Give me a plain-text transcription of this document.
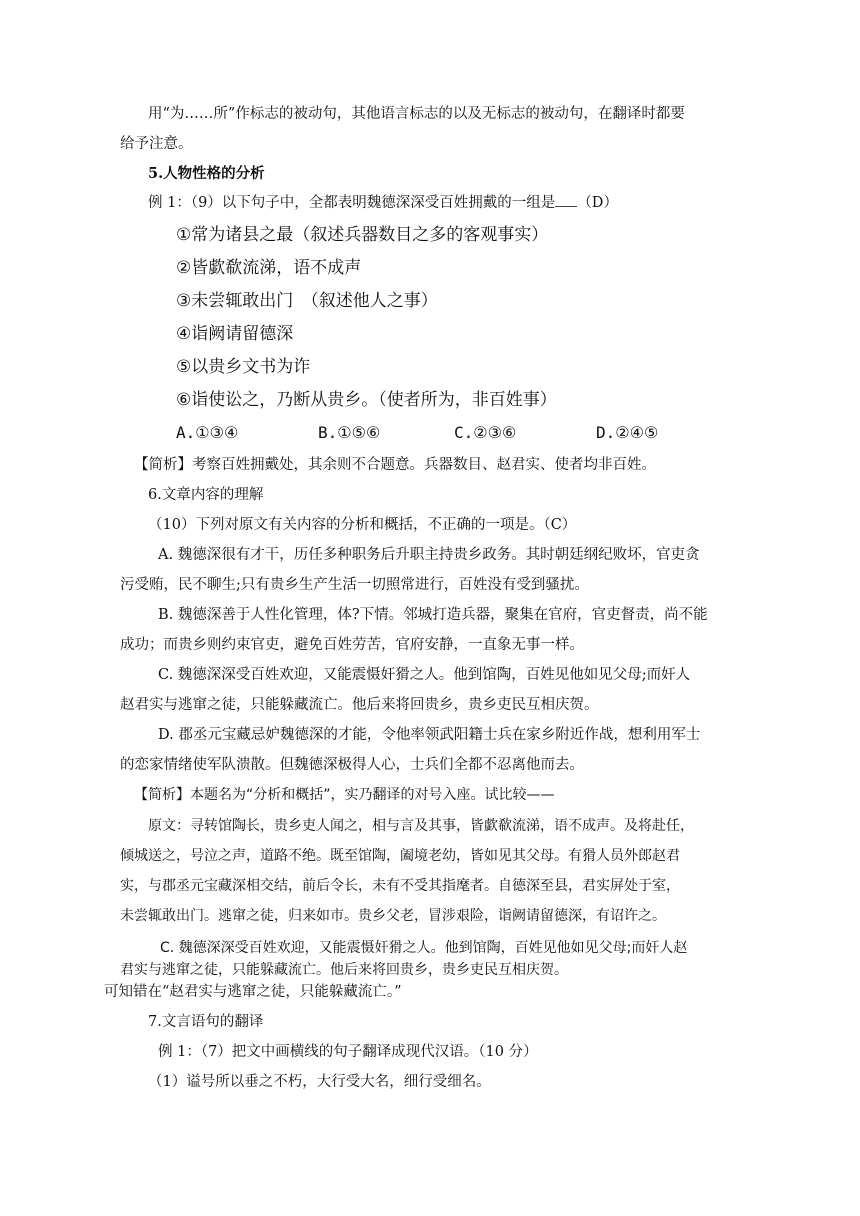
用“为……所”作标志的被动句，其他语言标志的以及无标志的被动句，在翻译时都要

给予注意。

5.人物性格的分析

例 1：（9）以下句子中，全都表明魏德深深受百姓拥戴的一组是 （D）

①常为诸县之最（叙述兵器数目之多的客观事实）

②皆歔欷流涕，语不成声

③未尝辄敢出门　（叙述他人之事）

④诣阙请留德深

⑤以贵乡文书为诈

⑥诣使讼之，乃断从贵乡。（使者所为，非百姓事）

A.①③④	B.①⑤⑥	C.②③⑥	D.②④⑤

【简析】考察百姓拥戴处，其余则不合题意。兵器数目、赵君实、使者均非百姓。

6.文章内容的理解

（10）下列对原文有关内容的分析和概括，不正确的一项是。（C）

A. 魏德深很有才干，历任多种职务后升职主持贵乡政务。其时朝廷纲纪败坏，官吏贪

污受贿，民不聊生;只有贵乡生产生活一切照常进行，百姓没有受到骚扰。

B. 魏德深善于人性化管理，体?下情。邻城打造兵器，聚集在官府，官吏督责，尚不能

成功；而贵乡则约束官吏，避免百姓劳苦，官府安静，一直象无事一样。

C. 魏德深深受百姓欢迎，又能震慑奸猾之人。他到馆陶，百姓见他如见父母;而奸人

赵君实与逃窜之徒，只能躲藏流亡。他后来将回贵乡，贵乡吏民互相庆贺。

D. 郡丞元宝藏忌妒魏德深的才能，令他率领武阳籍士兵在家乡附近作战，想利用军士

的恋家情绪使军队溃散。但魏德深极得人心，士兵们全都不忍离他而去。

【简析】本题名为“分析和概括”，实乃翻译的对号入座。试比较——

原文：寻转馆陶长，贵乡吏人闻之，相与言及其事，皆歔欷流涕，语不成声。及将赴任，

倾城送之，号泣之声，道路不绝。既至馆陶，阖境老幼，皆如见其父母。有猾人员外郎赵君

实，与郡丞元宝藏深相交结，前后令长，未有不受其指麾者。自德深至县，君实屏处于室，

未尝辄敢出门。逃窜之徒，归来如市。贵乡父老，冒涉艰险，诣阙请留德深，有诏许之。

C. 魏德深深受百姓欢迎，又能震慑奸猾之人。他到馆陶，百姓见他如见父母;而奸人赵

君实与逃窜之徒，只能躲藏流亡。他后来将回贵乡，贵乡吏民互相庆贺。

可知错在“赵君实与逃窜之徒，只能躲藏流亡。”

7.文言语句的翻译

例 1：（7）把文中画横线的句子翻译成现代汉语。（10 分）

（1）谥号所以垂之不朽，大行受大名，细行受细名。
